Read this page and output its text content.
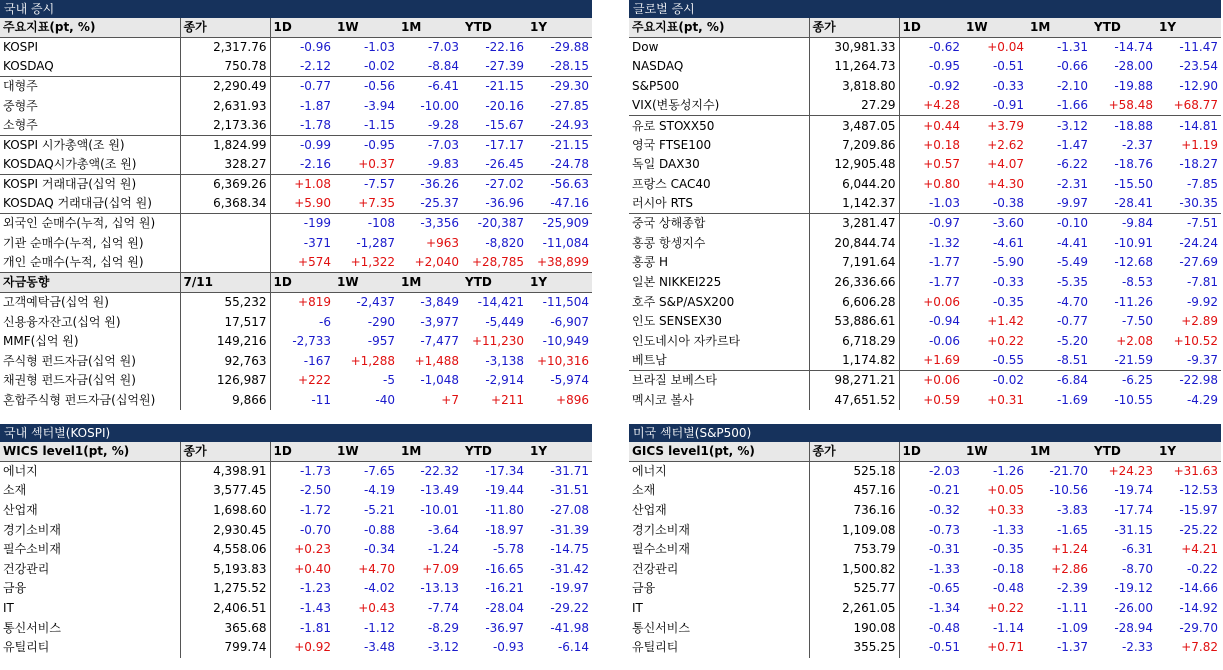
국내 증시
주요지표(pt, %)	종가	1D	1W	1M	YTD	1Y
KOSPI	2,317.76	-0.96	-1.03	-7.03	-22.16	-29.88
KOSDAQ	750.78	-2.12	-0.02	-8.84	-27.39	-28.15
대형주	2,290.49	-0.77	-0.56	-6.41	-21.15	-29.30
중형주	2,631.93	-1.87	-3.94	-10.00	-20.16	-27.85
소형주	2,173.36	-1.78	-1.15	-9.28	-15.67	-24.93
KOSPI 시가총액(조 원)	1,824.99	-0.99	-0.95	-7.03	-17.17	-21.15
KOSDAQ시가총액(조 원)	328.27	-2.16	+0.37	-9.83	-26.45	-24.78
KOSPI 거래대금(십억 원)	6,369.26	+1.08	-7.57	-36.26	-27.02	-56.63
KOSDAQ 거래대금(십억 원)	6,368.34	+5.90	+7.35	-25.37	-36.96	-47.16
외국인 순매수(누적, 십억 원)		-199	-108	-3,356	-20,387	-25,909
기관 순매수(누적, 십억 원)		-371	-1,287	+963	-8,820	-11,084
개인 순매수(누적, 십억 원)		+574	+1,322	+2,040	+28,785	+38,899
자금동향	7/11	1D	1W	1M	YTD	1Y
고객예탁금(십억 원)	55,232	+819	-2,437	-3,849	-14,421	-11,504
신용융자잔고(십억 원)	17,517	-6	-290	-3,977	-5,449	-6,907
MMF(십억 원)	149,216	-2,733	-957	-7,477	+11,230	-10,949
주식형 펀드자금(십억 원)	92,763	-167	+1,288	+1,488	-3,138	+10,316
채권형 펀드자금(십억 원)	126,987	+222	-5	-1,048	-2,914	-5,974
혼합주식형 펀드자금(십억원)	9,866	-11	-40	+7	+211	+896
글로벌 증시
주요지표(pt, %)	종가	1D	1W	1M	YTD	1Y
Dow	30,981.33	-0.62	+0.04	-1.31	-14.74	-11.47
NASDAQ	11,264.73	-0.95	-0.51	-0.66	-28.00	-23.54
S&P500	3,818.80	-0.92	-0.33	-2.10	-19.88	-12.90
VIX(변동성지수)	27.29	+4.28	-0.91	-1.66	+58.48	+68.77
유로 STOXX50	3,487.05	+0.44	+3.79	-3.12	-18.88	-14.81
영국 FTSE100	7,209.86	+0.18	+2.62	-1.47	-2.37	+1.19
독일 DAX30	12,905.48	+0.57	+4.07	-6.22	-18.76	-18.27
프랑스 CAC40	6,044.20	+0.80	+4.30	-2.31	-15.50	-7.85
러시아 RTS	1,142.37	-1.03	-0.38	-9.97	-28.41	-30.35
중국 상해종합	3,281.47	-0.97	-3.60	-0.10	-9.84	-7.51
홍콩 항셍지수	20,844.74	-1.32	-4.61	-4.41	-10.91	-24.24
홍콩 H	7,191.64	-1.77	-5.90	-5.49	-12.68	-27.69
일본 NIKKEI225	26,336.66	-1.77	-0.33	-5.35	-8.53	-7.81
호주 S&P/ASX200	6,606.28	+0.06	-0.35	-4.70	-11.26	-9.92
인도 SENSEX30	53,886.61	-0.94	+1.42	-0.77	-7.50	+2.89
인도네시아 자카르타	6,718.29	-0.06	+0.22	-5.20	+2.08	+10.52
베트남	1,174.82	+1.69	-0.55	-8.51	-21.59	-9.37
브라질 보베스타	98,271.21	+0.06	-0.02	-6.84	-6.25	-22.98
멕시코 볼사	47,651.52	+0.59	+0.31	-1.69	-10.55	-4.29
국내 섹터별(KOSPI)
WICS level1(pt, %)	종가	1D	1W	1M	YTD	1Y
에너지	4,398.91	-1.73	-7.65	-22.32	-17.34	-31.71
소재	3,577.45	-2.50	-4.19	-13.49	-19.44	-31.51
산업재	1,698.60	-1.72	-5.21	-10.01	-11.80	-27.08
경기소비재	2,930.45	-0.70	-0.88	-3.64	-18.97	-31.39
필수소비재	4,558.06	+0.23	-0.34	-1.24	-5.78	-14.75
건강관리	5,193.83	+0.40	+4.70	+7.09	-16.65	-31.42
금융	1,275.52	-1.23	-4.02	-13.13	-16.21	-19.97
IT	2,406.51	-1.43	+0.43	-7.74	-28.04	-29.22
통신서비스	365.68	-1.81	-1.12	-8.29	-36.97	-41.98
유틸리티	799.74	+0.92	-3.48	-3.12	-0.93	-6.14
미국 섹터별(S&P500)
GICS level1(pt, %)	종가	1D	1W	1M	YTD	1Y
에너지	525.18	-2.03	-1.26	-21.70	+24.23	+31.63
소재	457.16	-0.21	+0.05	-10.56	-19.74	-12.53
산업재	736.16	-0.32	+0.33	-3.83	-17.74	-15.97
경기소비재	1,109.08	-0.73	-1.33	-1.65	-31.15	-25.22
필수소비재	753.79	-0.31	-0.35	+1.24	-6.31	+4.21
건강관리	1,500.82	-1.33	-0.18	+2.86	-8.70	-0.22
금융	525.77	-0.65	-0.48	-2.39	-19.12	-14.66
IT	2,261.05	-1.34	+0.22	-1.11	-26.00	-14.92
통신서비스	190.08	-0.48	-1.14	-1.09	-28.94	-29.70
유틸리티	355.25	-0.51	+0.71	-1.37	-2.33	+7.82
